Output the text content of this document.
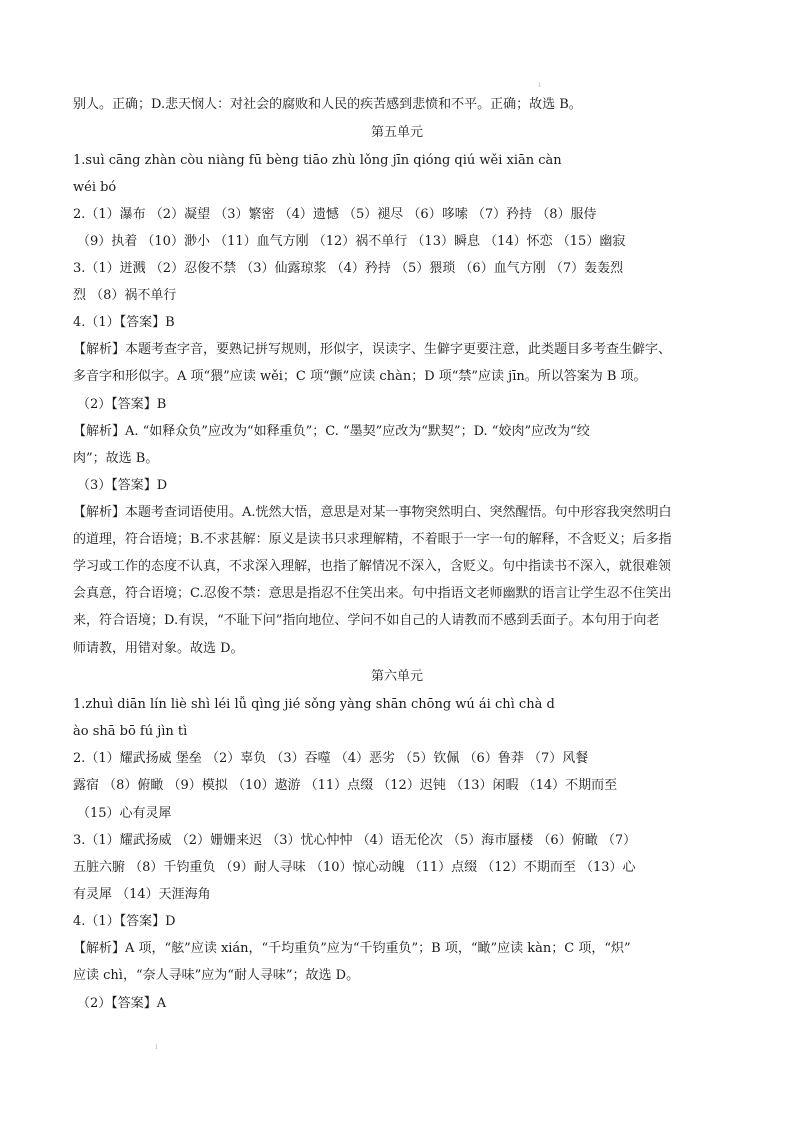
ı
别人。正确；D.悲天悯人：对社会的腐败和人民的疾苦感到悲愤和不平。正确；故选 B。
第五单元
1.suì cāng zhàn còu niàng fū bèng tiāo zhù lǒng jīn qióng qiú wěi xiān càn
wéi bó
2.（1）瀑布 （2）凝望 （3）繁密 （4）遗憾 （5）褪尽 （6）哆嗦 （7）矜持 （8）服侍
（9）执着 （10）渺小 （11）血气方刚 （12）祸不单行 （13）瞬息 （14）怀恋 （15）幽寂
3.（1）迸溅 （2）忍俊不禁 （3）仙露琼浆 （4）矜持 （5）猥琐 （6）血气方刚 （7）轰轰烈
烈 （8）祸不单行
4.（1）【答案】B
【解析】本题考查字音，要熟记拼写规则，形似字，误读字、生僻字更要注意，此类题目多考查生僻字、
多音字和形似字。A 项“猥”应读 wěi；C 项“颤”应读 chàn；D 项“禁”应读 jīn。所以答案为 B 项。
（2）【答案】B
【解析】A. “如释众负”应改为“如释重负”；C. “墨契”应改为“默契”；D. “姣肉”应改为“绞
肉”；故选 B。
（3）【答案】D
【解析】本题考查词语使用。A.恍然大悟，意思是对某一事物突然明白、突然醒悟。句中形容我突然明白
的道理，符合语境；B.不求甚解：原义是读书只求理解精，不着眼于一字一句的解释，不含贬义；后多指
学习或工作的态度不认真，不求深入理解，也指了解情况不深入，含贬义。句中指读书不深入，就很难领
会真意，符合语境；C.忍俊不禁：意思是指忍不住笑出来。句中指语文老师幽默的语言让学生忍不住笑出
来，符合语境；D.有误，“不耻下问”指向地位、学问不如自己的人请教而不感到丢面子。本句用于向老
师请教，用错对象。故选 D。
第六单元
1.zhuì diān lín liè shì léi lǚ qìng jié sǒng yàng shān chōng wú ái chì chà d
ào shā bō fú jìn tì
2.（1）耀武扬威 堡垒 （2）辜负 （3）吞噬 （4）恶劣 （5）钦佩 （6）鲁莽 （7）风餐
露宿 （8）俯瞰 （9）模拟 （10）遨游 （11）点缀 （12）迟钝 （13）闲暇 （14）不期而至
（15）心有灵犀
3.（1）耀武扬威 （2）姗姗来迟 （3）忧心忡忡 （4）语无伦次 （5）海市蜃楼 （6）俯瞰 （7）
五脏六腑 （8）千钧重负 （9）耐人寻味 （10）惊心动魄 （11）点缀 （12）不期而至 （13）心
有灵犀 （14）天涯海角
4.（1）【答案】D
【解析】A 项，“舷”应读 xián，“千均重负”应为“千钧重负”；B 项，“瞰”应读 kàn；C 项，“炽”
应读 chì，“奈人寻味”应为“耐人寻味”；故选 D。
（2）【答案】A
ı
